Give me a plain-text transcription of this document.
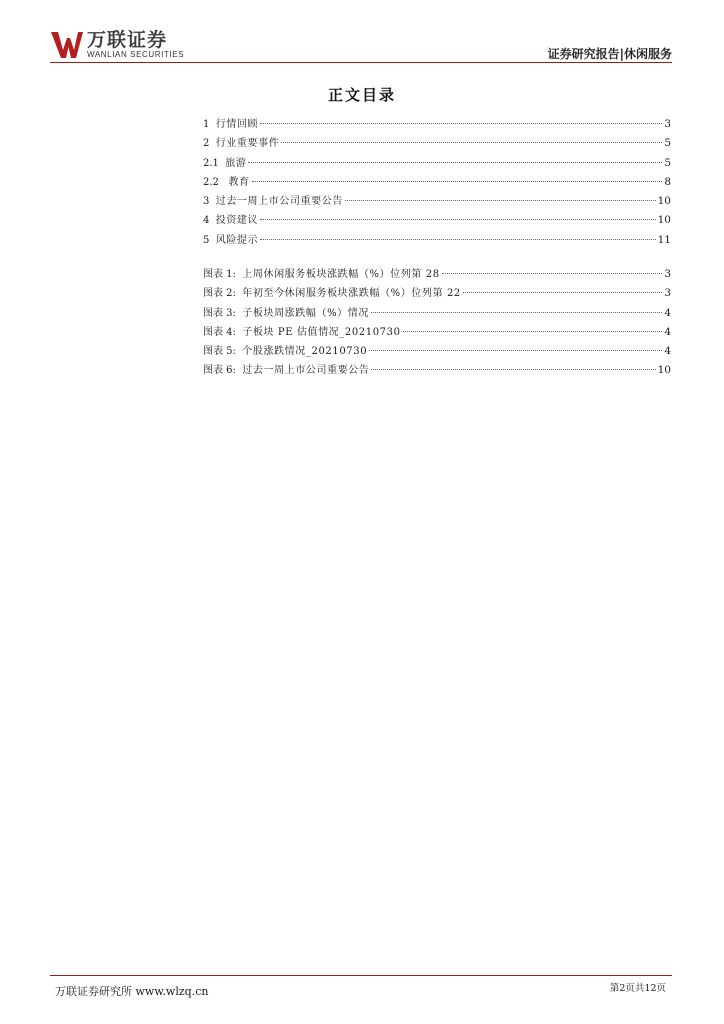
万联证券
WANLIAN SECURITIES	证券研究报告|休闲服务
正文目录
1 行情回顾	3
2 行业重要事件	5
2.1 旅游	5
2.2 教育	8
3 过去一周上市公司重要公告	10
4 投资建议	10
5 风险提示	11
图表 1: 上周休闲服务板块涨跌幅（%）位列第 28	3
图表 2: 年初至今休闲服务板块涨跌幅（%）位列第 22	3
图表 3: 子板块周涨跌幅（%）情况	4
图表 4: 子板块 PE 估值情况_20210730	4
图表 5: 个股涨跌情况_20210730	4
图表 6: 过去一周上市公司重要公告	10
万联证券研究所 www.wlzq.cn	第2页共12页
